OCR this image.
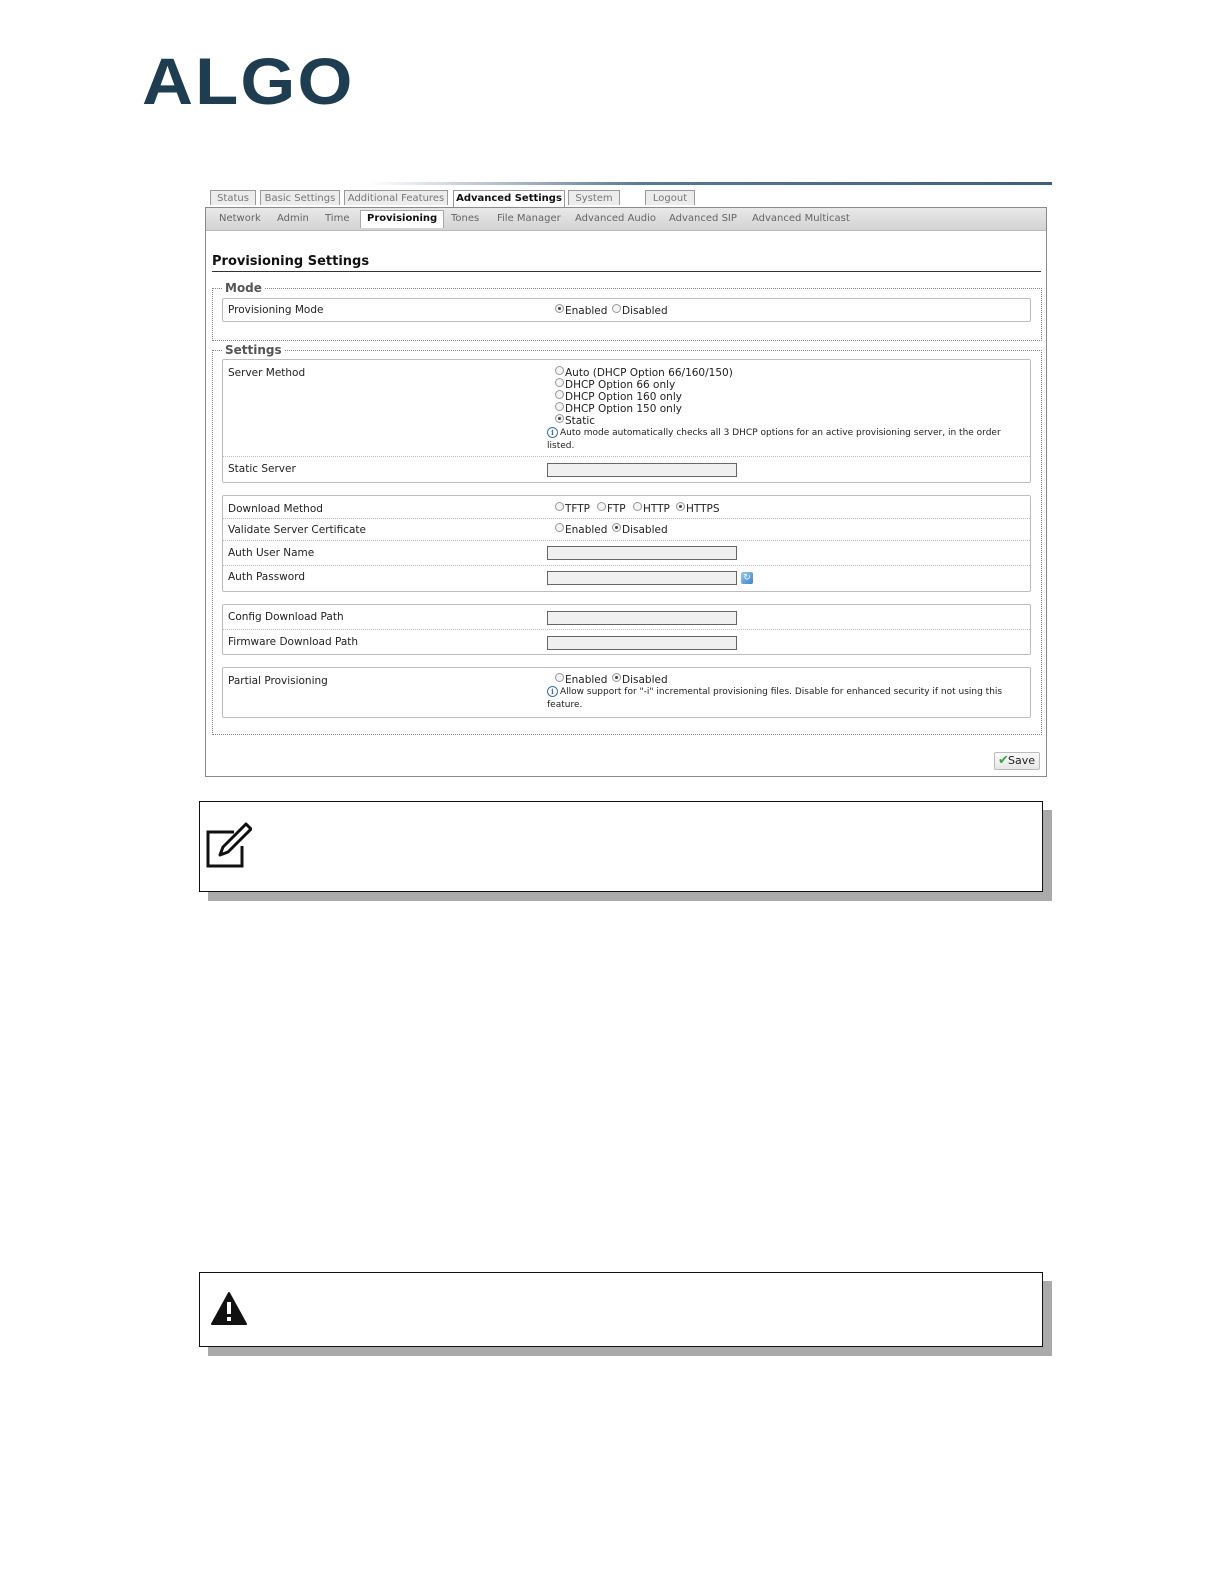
ALGO
Status	Basic Settings	Additional Features	Advanced Settings	System	Logout
Network Admin Time	Provisioning	Tones File Manager Advanced Audio Advanced SIP Advanced Multicast
Provisioning Settings
Mode
Provisioning Mode	Enabled	Disabled
Settings
Server Method	Auto (DHCP Option 66/160/150)
DHCP Option 66 only
DHCP Option 160 only
DHCP Option 150 only
Static
i Auto mode automatically checks all 3 DHCP options for an active provisioning server, in the order
listed.
Static Server
Download Method	TFTP	FTP	HTTP	HTTPS
Validate Server Certificate	Enabled	Disabled
Auth User Name
Auth Password	↻
Config Download Path
Firmware Download Path
Partial Provisioning	Enabled	Disabled
i Allow support for "-i" incremental provisioning files. Disable for enhanced security if not using this
feature.
✔ Save
